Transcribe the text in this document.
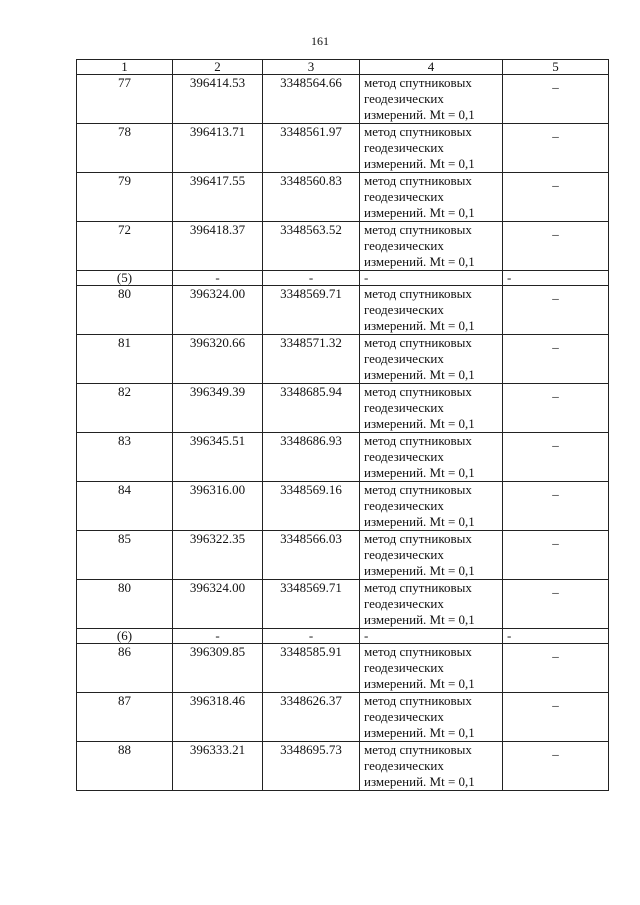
161
1	2	3	4	5
77	396414.53	3348564.66	метод спутниковых
геодезических
измерений. Mt = 0,1	_
78	396413.71	3348561.97	метод спутниковых
геодезических
измерений. Mt = 0,1	_
79	396417.55	3348560.83	метод спутниковых
геодезических
измерений. Mt = 0,1	_
72	396418.37	3348563.52	метод спутниковых
геодезических
измерений. Mt = 0,1	_
(5)	-	-	-	-
80	396324.00	3348569.71	метод спутниковых
геодезических
измерений. Mt = 0,1	_
81	396320.66	3348571.32	метод спутниковых
геодезических
измерений. Mt = 0,1	_
82	396349.39	3348685.94	метод спутниковых
геодезических
измерений. Mt = 0,1	_
83	396345.51	3348686.93	метод спутниковых
геодезических
измерений. Mt = 0,1	_
84	396316.00	3348569.16	метод спутниковых
геодезических
измерений. Mt = 0,1	_
85	396322.35	3348566.03	метод спутниковых
геодезических
измерений. Mt = 0,1	_
80	396324.00	3348569.71	метод спутниковых
геодезических
измерений. Mt = 0,1	_
(6)	-	-	-	-
86	396309.85	3348585.91	метод спутниковых
геодезических
измерений. Mt = 0,1	_
87	396318.46	3348626.37	метод спутниковых
геодезических
измерений. Mt = 0,1	_
88	396333.21	3348695.73	метод спутниковых
геодезических
измерений. Mt = 0,1	_
